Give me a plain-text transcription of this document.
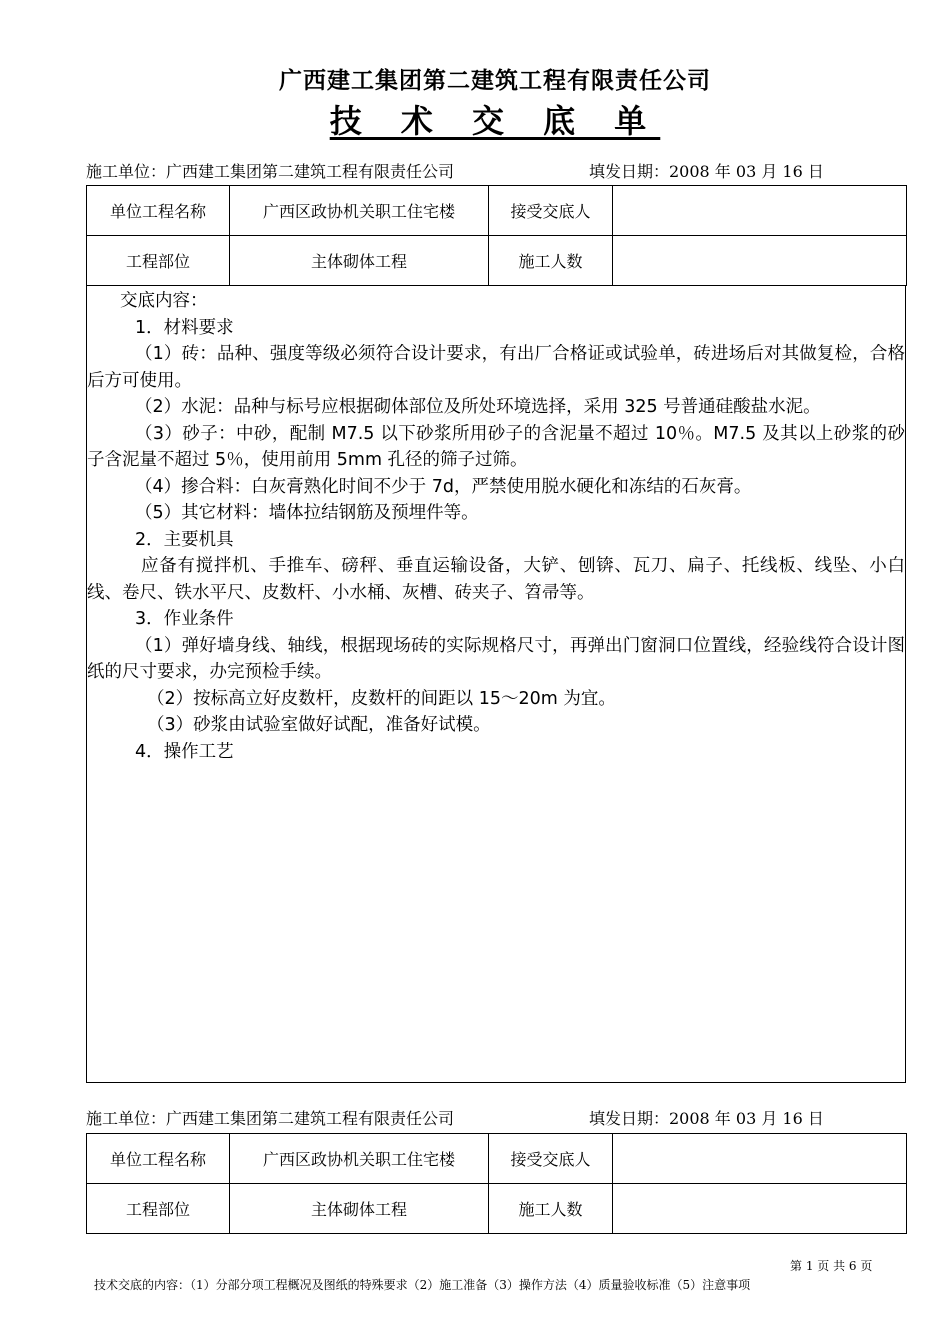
广西建工集团第二建筑工程有限责任公司
技 术 交 底 单
施工单位：广西建工集团第二建筑工程有限责任公司	填发日期：2008 年 03 月 16 日
单位工程名称	广西区政协机关职工住宅楼	接受交底人	
工程部位	主体砌体工程	施工人数	

交底内容：

1．材料要求

（1）砖：品种、强度等级必须符合设计要求，有出厂合格证或试验单，砖进场后对其做复检，合格后方可使用。

（2）水泥：品种与标号应根据砌体部位及所处环境选择，采用 325 号普通硅酸盐水泥。

（3）砂子：中砂，配制 M7.5 以下砂浆所用砂子的含泥量不超过 10％。M7.5 及其以上砂浆的砂子含泥量不超过 5％，使用前用 5mm 孔径的筛子过筛。

（4）掺合料：白灰膏熟化时间不少于 7d，严禁使用脱水硬化和冻结的石灰膏。

（5）其它材料：墙体拉结钢筋及预埋件等。

2．主要机具

应备有搅拌机、手推车、磅秤、垂直运输设备，大铲、刨锛、瓦刀、扁子、托线板、线坠、小白线、卷尺、铁水平尺、皮数杆、小水桶、灰槽、砖夹子、笤帚等。

3．作业条件

（1）弹好墙身线、轴线，根据现场砖的实际规格尺寸，再弹出门窗洞口位置线，经验线符合设计图纸的尺寸要求，办完预检手续。

（2）按标高立好皮数杆，皮数杆的间距以 15～20m 为宜。

（3）砂浆由试验室做好试配，准备好试模。

4．操作工艺

施工单位：广西建工集团第二建筑工程有限责任公司	填发日期：2008 年 03 月 16 日
单位工程名称	广西区政协机关职工住宅楼	接受交底人	
工程部位	主体砌体工程	施工人数	
第 1 页 共 6 页
技术交底的内容：（1）分部分项工程概况及图纸的特殊要求（2）施工准备（3）操作方法（4）质量验收标准（5）注意事项
